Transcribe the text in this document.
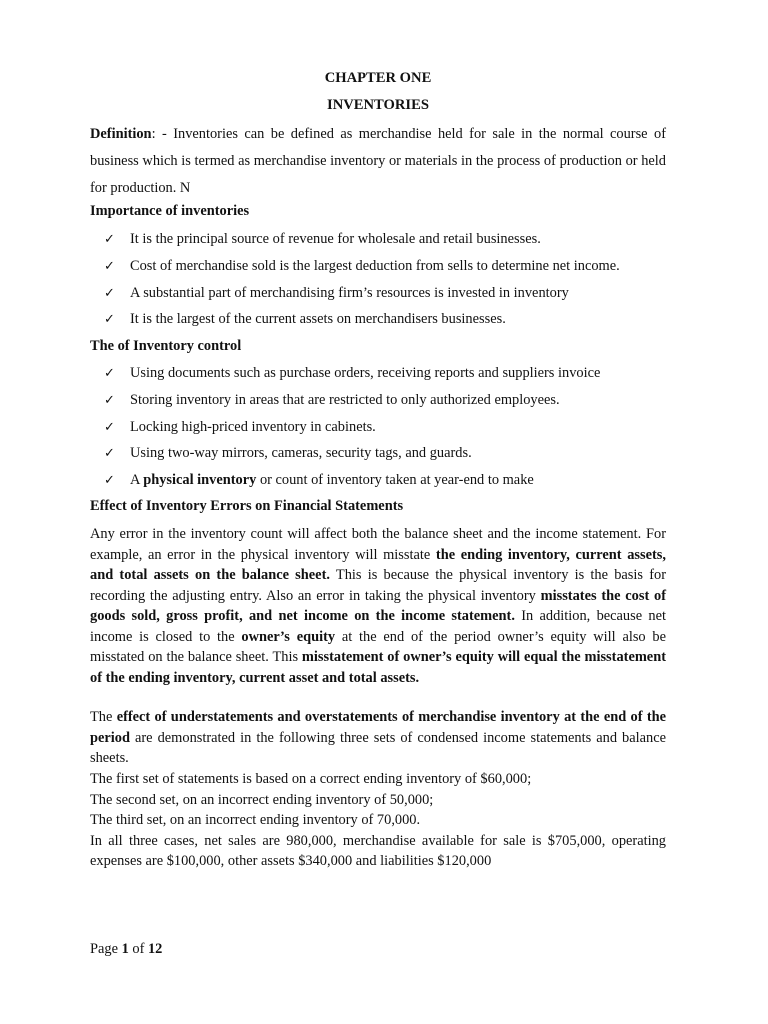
CHAPTER ONE
INVENTORIES
Definition: - Inventories can be defined as merchandise held for sale in the normal course of business which is termed as merchandise inventory or materials in the process of production or held for production. N
Importance of inventories
✓ It is the principal source of revenue for wholesale and retail businesses.
✓ Cost of merchandise sold is the largest deduction from sells to determine net income.
✓ A substantial part of merchandising firm’s resources is invested in inventory
✓ It is the largest of the current assets on merchandisers businesses.
The of Inventory control
✓ Using documents such as purchase orders, receiving reports and suppliers invoice
✓ Storing inventory in areas that are restricted to only authorized employees.
✓ Locking high-priced inventory in cabinets.
✓ Using two-way mirrors, cameras, security tags, and guards.
✓ A physical inventory or count of inventory taken at year-end to make
Effect of Inventory Errors on Financial Statements
Any error in the inventory count will affect both the balance sheet and the income statement. For example, an error in the physical inventory will misstate the ending inventory, current assets, and total assets on the balance sheet. This is because the physical inventory is the basis for recording the adjusting entry. Also an error in taking the physical inventory misstates the cost of goods sold, gross profit, and net income on the income statement. In addition, because net income is closed to the owner’s equity at the end of the period owner’s equity will also be misstated on the balance sheet. This misstatement of owner’s equity will equal the misstatement of the ending inventory, current asset and total assets.
The effect of understatements and overstatements of merchandise inventory at the end of the period are demonstrated in the following three sets of condensed income statements and balance sheets.
The first set of statements is based on a correct ending inventory of $60,000;
The second set, on an incorrect ending inventory of 50,000;
The third set, on an incorrect ending inventory of 70,000.
In all three cases, net sales are 980,000, merchandise available for sale is $705,000, operating expenses are $100,000, other assets $340,000 and liabilities $120,000
Page 1 of 12
